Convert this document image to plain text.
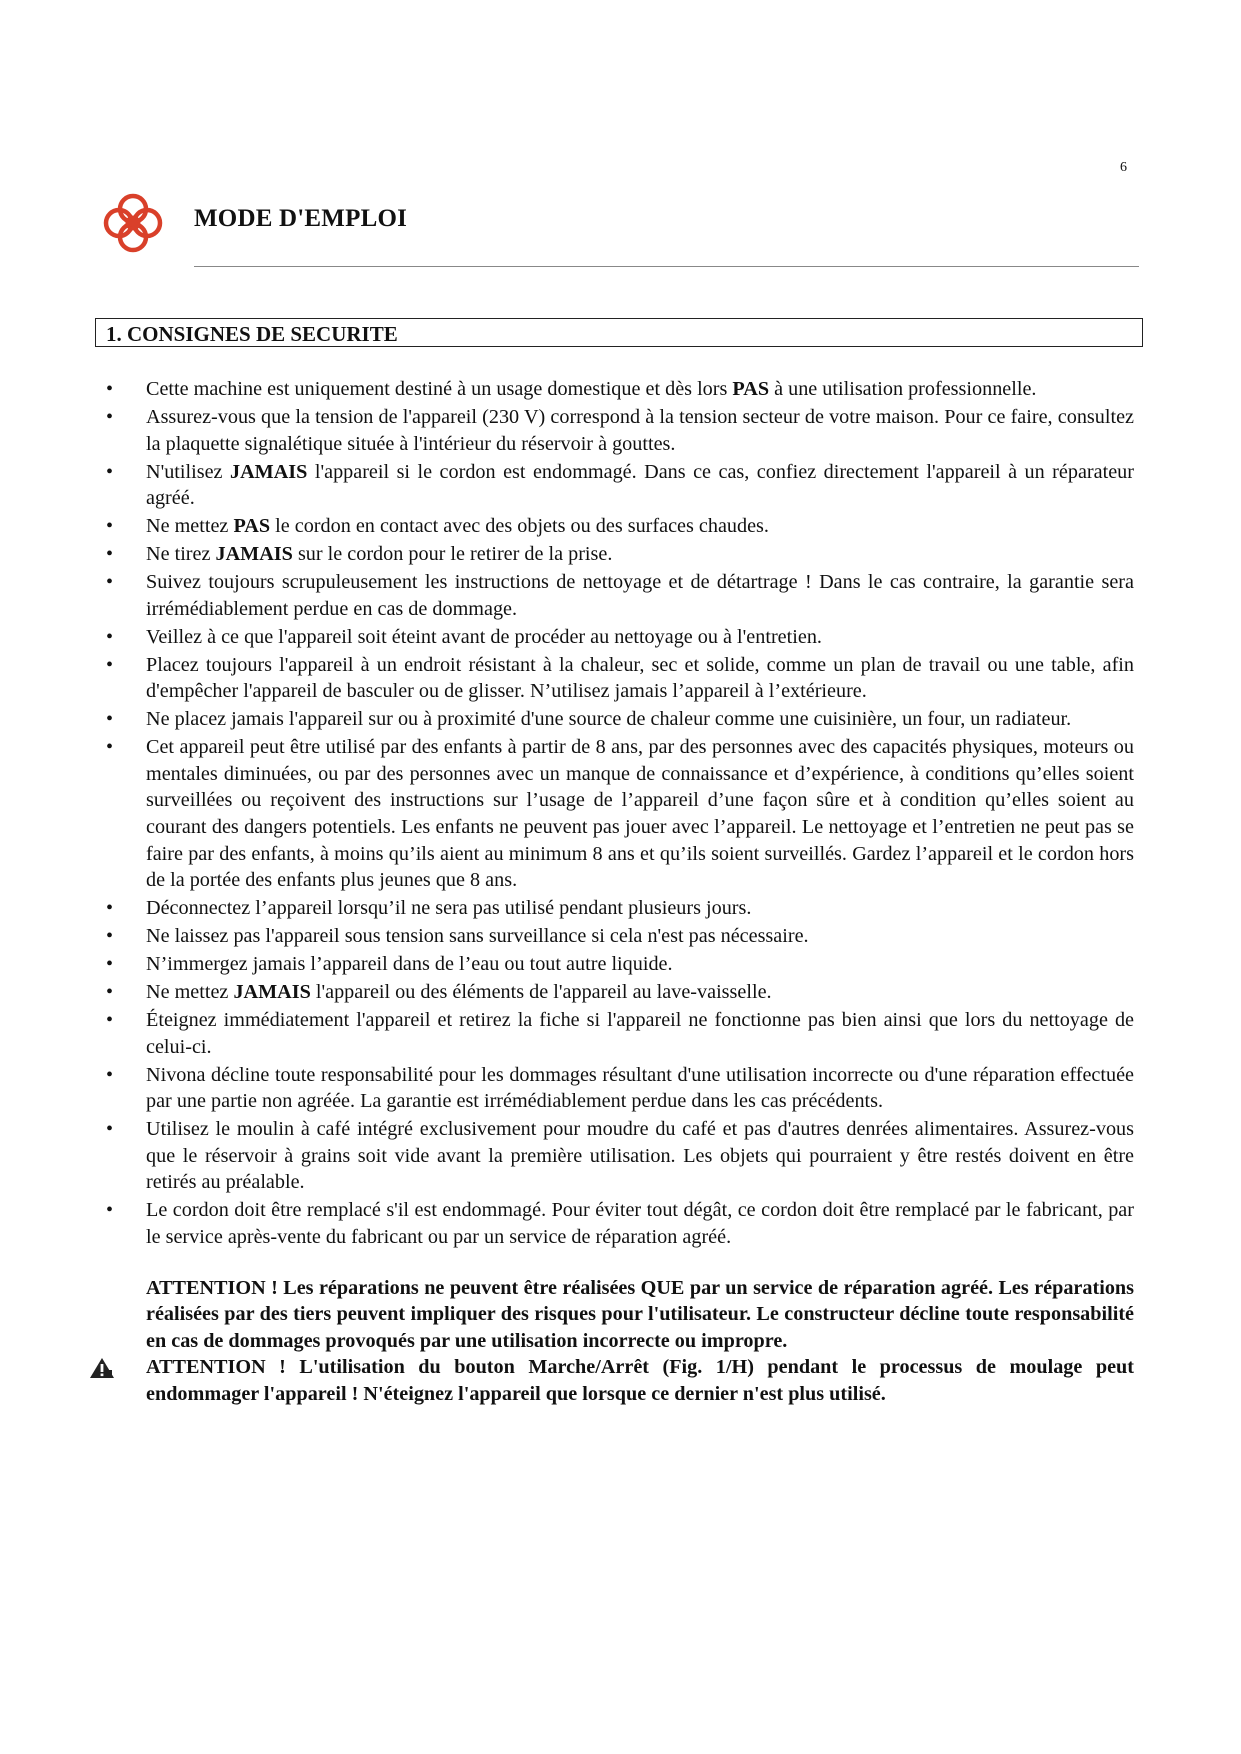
6
MODE D'EMPLOI
1. CONSIGNES DE SECURITE
• Cette machine est uniquement destiné à un usage domestique et dès lors PAS à une utilisation professionnelle.
• Assurez-vous que la tension de l'appareil (230 V) correspond à la tension secteur de votre maison. Pour ce faire, consultez la plaquette signalétique située à l'intérieur du réservoir à gouttes.
• N'utilisez JAMAIS l'appareil si le cordon est endommagé. Dans ce cas, confiez directement l'appareil à un réparateur agréé.
• Ne mettez PAS le cordon en contact avec des objets ou des surfaces chaudes.
• Ne tirez JAMAIS sur le cordon pour le retirer de la prise.
• Suivez toujours scrupuleusement les instructions de nettoyage et de détartrage ! Dans le cas contraire, la garantie sera irrémédiablement perdue en cas de dommage.
• Veillez à ce que l'appareil soit éteint avant de procéder au nettoyage ou à l'entretien.
• Placez toujours l'appareil à un endroit résistant à la chaleur, sec et solide, comme un plan de travail ou une table, afin d'empêcher l'appareil de basculer ou de glisser. N’utilisez jamais l’appareil à l’extérieure.
• Ne placez jamais l'appareil sur ou à proximité d'une source de chaleur comme une cuisinière, un four, un radiateur.
• Cet appareil peut être utilisé par des enfants à partir de 8 ans, par des personnes avec des capacités physiques, moteurs ou mentales diminuées, ou par des personnes avec un manque de connaissance et d’expérience, à conditions qu’elles soient surveillées ou reçoivent des instructions sur l’usage de l’appareil d’une façon sûre et à condition qu’elles soient au courant des dangers potentiels. Les enfants ne peuvent pas jouer avec l’appareil. Le nettoyage et l’entretien ne peut pas se faire par des enfants, à moins qu’ils aient au minimum 8 ans et qu’ils soient surveillés. Gardez l’appareil et le cordon hors de la portée des enfants plus jeunes que 8 ans.
• Déconnectez l’appareil lorsqu’il ne sera pas utilisé pendant plusieurs jours.
• Ne laissez pas l'appareil sous tension sans surveillance si cela n'est pas nécessaire.
• N’immergez jamais l’appareil dans de l’eau ou tout autre liquide.
• Ne mettez JAMAIS l'appareil ou des éléments de l'appareil au lave-vaisselle.
• Éteignez immédiatement l'appareil et retirez la fiche si l'appareil ne fonctionne pas bien ainsi que lors du nettoyage de celui-ci.
• Nivona décline toute responsabilité pour les dommages résultant d'une utilisation incorrecte ou d'une réparation effectuée par une partie non agréée. La garantie est irrémédiablement perdue dans les cas précédents.
• Utilisez le moulin à café intégré exclusivement pour moudre du café et pas d'autres denrées alimentaires. Assurez-vous que le réservoir à grains soit vide avant la première utilisation. Les objets qui pourraient y être restés doivent en être retirés au préalable.
• Le cordon doit être remplacé s'il est endommagé. Pour éviter tout dégât, ce cordon doit être remplacé par le fabricant, par le service après-vente du fabricant ou par un service de réparation agréé.
ATTENTION ! Les réparations ne peuvent être réalisées QUE par un service de réparation agréé. Les réparations réalisées par des tiers peuvent impliquer des risques pour l'utilisateur. Le constructeur décline toute responsabilité en cas de dommages provoqués par une utilisation incorrecte ou impropre.
ATTENTION ! L'utilisation du bouton Marche/Arrêt (Fig. 1/H) pendant le processus de moulage peut endommager l'appareil ! N'éteignez l'appareil que lorsque ce dernier n'est plus utilisé.
